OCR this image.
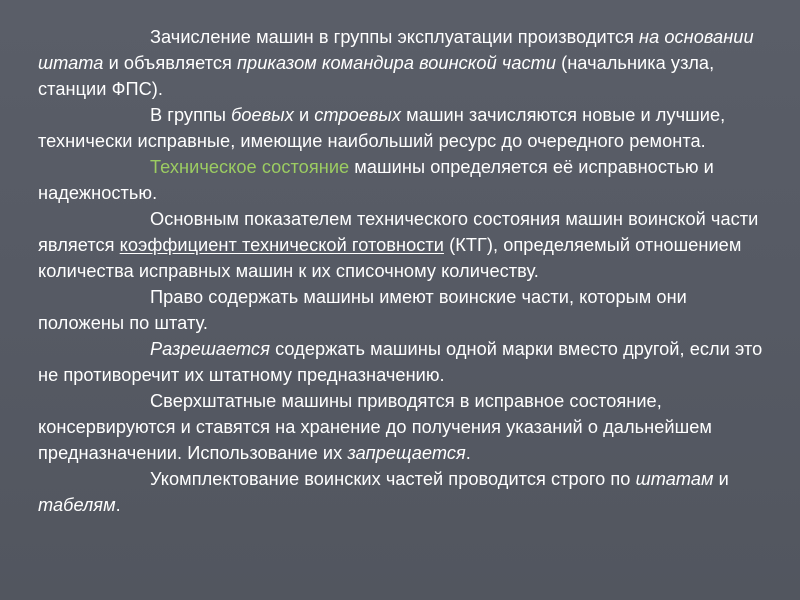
Зачисление машин в группы эксплуатации производится на основании штата и объявляется приказом командира воинской части (начальника узла, станции ФПС).

В группы боевых и строевых машин зачисляются новые и лучшие, технически исправные, имеющие наибольший ресурс до очередного ремонта.

Техническое состояние машины определяется её исправностью и надежностью.

Основным показателем технического состояния машин воинской части является коэффициент технической готовности (КТГ), определяемый отношением количества исправных машин к их списочному количеству.

Право содержать машины имеют воинские части, которым они положены по штату.

Разрешается содержать машины одной марки вместо другой, если это не противоречит их штатному предназначению.

Сверхштатные машины приводятся в исправное состояние, консервируются и ставятся на хранение до получения указаний о дальнейшем предназначении. Использование их запрещается.

Укомплектование воинских частей проводится строго по штатам и табелям.
